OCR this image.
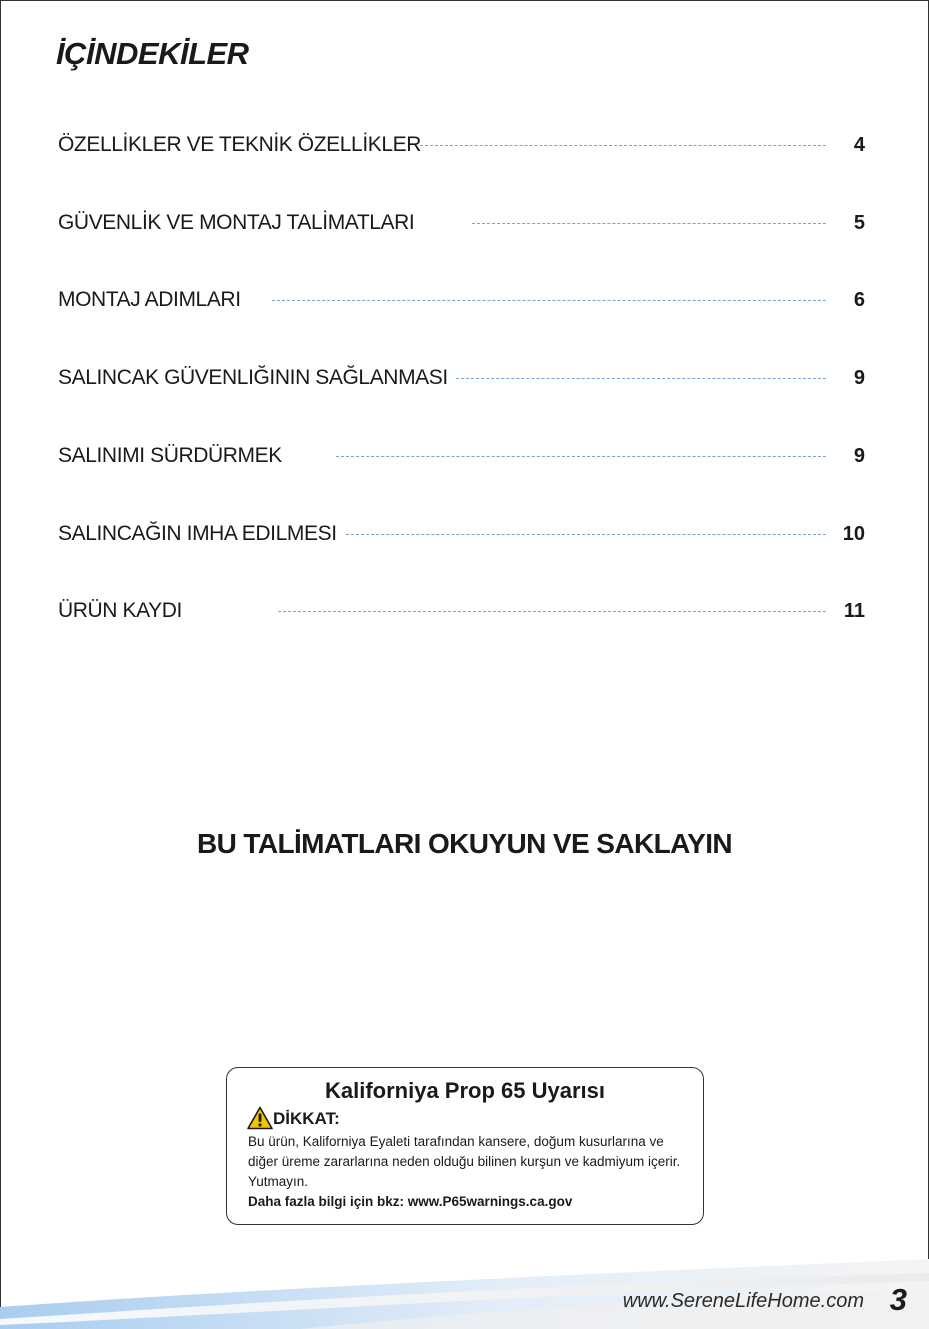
İÇİNDEKİLER
ÖZELLİKLER VE TEKNİK ÖZELLİKLER	4
GÜVENLİK VE MONTAJ TALİMATLARI	5
MONTAJ ADIMLARI	6
SALINCAK GÜVENLIĞININ SAĞLANMASI	9
SALINIMI SÜRDÜRMEK	9
SALINCAĞIN IMHA EDILMESI	10
ÜRÜN KAYDI	11
BU TALİMATLARI OKUYUN VE SAKLAYIN
Kaliforniya Prop 65 Uyarısı
DİKKAT:
Bu ürün, Kaliforniya Eyaleti tarafından kansere, doğum kusurlarına ve diğer üreme zararlarına neden olduğu bilinen kurşun ve kadmiyum içerir. Yutmayın.
Daha fazla bilgi için bkz: www.P65warnings.ca.gov
www.SereneLifeHome.com 3
